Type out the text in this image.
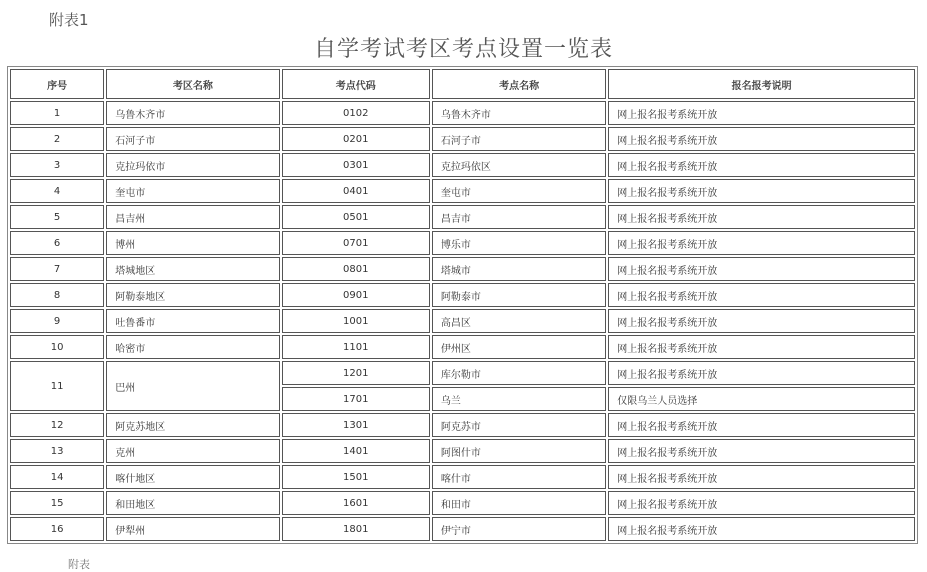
附表1
自学考试考区考点设置一览表
序号	考区名称	考点代码	考点名称	报名报考说明
1	乌鲁木齐市	0102	乌鲁木齐市	网上报名报考系统开放
2	石河子市	0201	石河子市	网上报名报考系统开放
3	克拉玛依市	0301	克拉玛依区	网上报名报考系统开放
4	奎屯市	0401	奎屯市	网上报名报考系统开放
5	昌吉州	0501	昌吉市	网上报名报考系统开放
6	博州	0701	博乐市	网上报名报考系统开放
7	塔城地区	0801	塔城市	网上报名报考系统开放
8	阿勒泰地区	0901	阿勒泰市	网上报名报考系统开放
9	吐鲁番市	1001	高昌区	网上报名报考系统开放
10	哈密市	1101	伊州区	网上报名报考系统开放
11	巴州	1201	库尔勒市	网上报名报考系统开放
		1701	乌兰	仅限乌兰人员选择
12	阿克苏地区	1301	阿克苏市	网上报名报考系统开放
13	克州	1401	阿图什市	网上报名报考系统开放
14	喀什地区	1501	喀什市	网上报名报考系统开放
15	和田地区	1601	和田市	网上报名报考系统开放
16	伊犁州	1801	伊宁市	网上报名报考系统开放
附表
